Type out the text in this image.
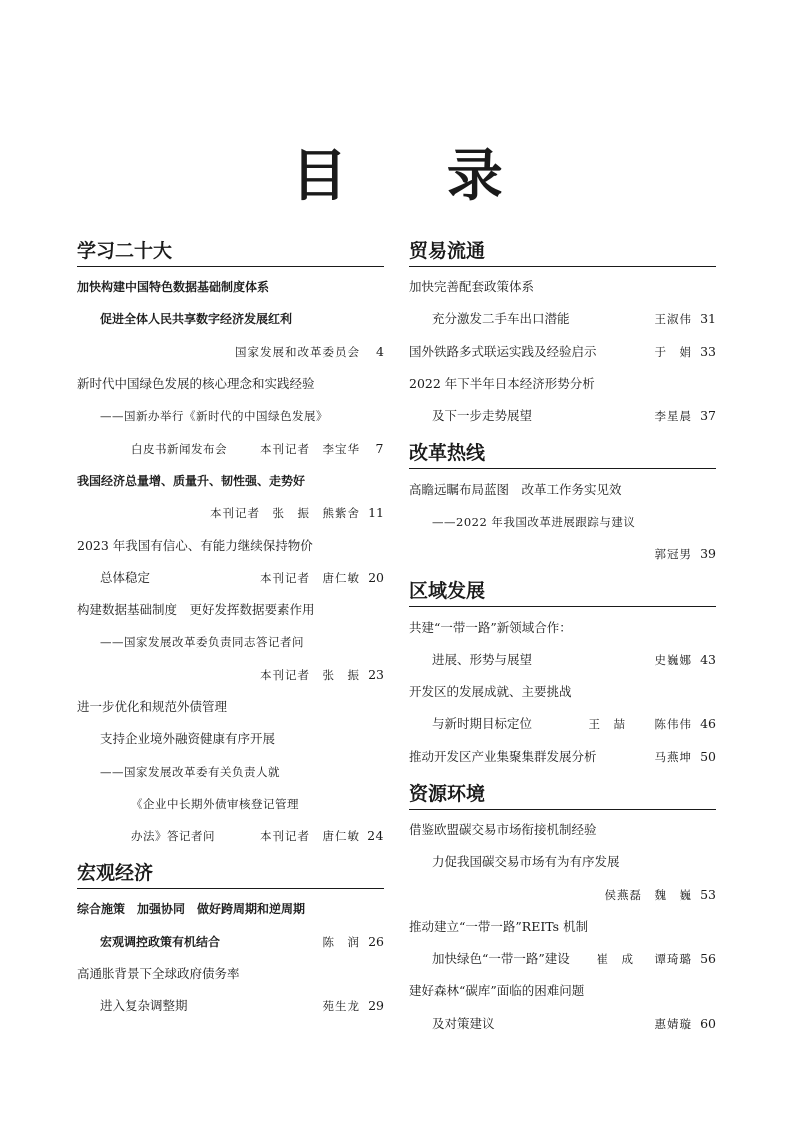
目 录
学习二十大
加快构建中国特色数据基础制度体系
促进全体人民共享数字经济发展红利
国家发展和改革委员会 4
新时代中国绿色发展的核心理念和实践经验
——国新办举行《新时代的中国绿色发展》
白皮书新闻发布会	本刊记者　李宝华 7
我国经济总量增、质量升、韧性强、走势好
本刊记者　张　振　熊紫舍 11
2023 年我国有信心、有能力继续保持物价
总体稳定	本刊记者　唐仁敏 20
构建数据基础制度　更好发挥数据要素作用
——国家发展改革委负责同志答记者问
本刊记者　张　振 23
进一步优化和规范外债管理
支持企业境外融资健康有序开展
——国家发展改革委有关负责人就
《企业中长期外债审核登记管理
办法》答记者问	本刊记者　唐仁敏 24
宏观经济
综合施策　加强协同　做好跨周期和逆周期
宏观调控政策有机结合	陈　润 26
高通胀背景下全球政府债务率
进入复杂调整期	苑生龙 29
贸易流通
加快完善配套政策体系
充分激发二手车出口潜能	王淑伟 31
国外铁路多式联运实践及经验启示	于　娟 33
2022 年下半年日本经济形势分析
及下一步走势展望	李星晨 37
改革热线
高瞻远瞩布局蓝图　改革工作务实见效
——2022 年我国改革进展跟踪与建议
郭冠男 39
区域发展
共建“一带一路”新领域合作：
进展、形势与展望	史巍娜 43
开发区的发展成就、主要挑战
与新时期目标定位	王　喆 陈伟伟 46
推动开发区产业集聚集群发展分析	马燕坤 50
资源环境
借鉴欧盟碳交易市场衔接机制经验
力促我国碳交易市场有为有序发展
侯燕磊　魏　巍 53
推动建立“一带一路”REITs 机制
加快绿色“一带一路”建设 崔　成 谭琦璐 56
建好森林“碳库”面临的困难问题
及对策建议	惠婧璇 60
